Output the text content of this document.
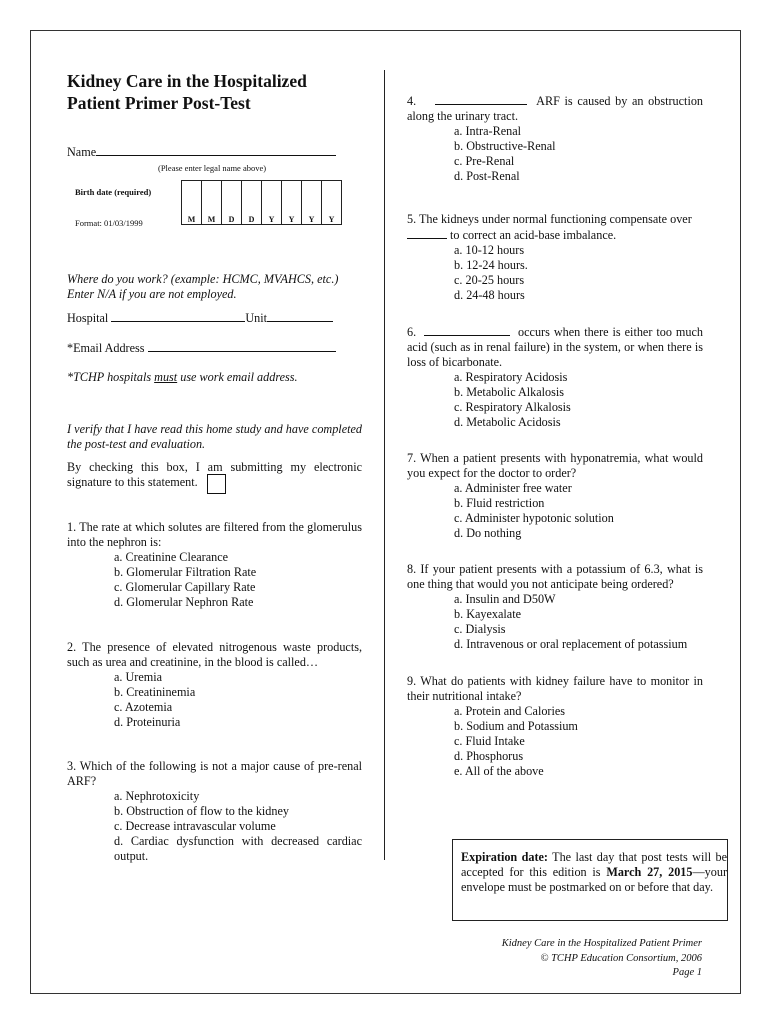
Kidney Care in the Hospitalized
Patient Primer Post-Test
Name
(Please enter legal name above)
Birth date (required)
Format: 01/03/1999	M	M	D	D	Y	Y	Y	Y
Where do you work? (example: HCMC, MVAHCS, etc.)
Enter N/A if you are not employed.
Hospital	Unit
*Email Address
*TCHP hospitals must use work email address.
I verify that I have read this home study and have completed the post-test and evaluation.
By checking this box, I am submitting my electronic signature to this statement.
1. The rate at which solutes are filtered from the glomerulus into the nephron is:
a. Creatinine Clearance
b. Glomerular Filtration Rate
c. Glomerular Capillary Rate
d. Glomerular Nephron Rate
2. The presence of elevated nitrogenous waste products, such as urea and creatinine, in the blood is called…
a. Uremia
b. Creatininemia
c. Azotemia
d. Proteinuria
3. Which of the following is not a major cause of pre-renal ARF?
a. Nephrotoxicity
b. Obstruction of flow to the kidney
c. Decrease intravascular volume
d. Cardiac dysfunction with decreased cardiac output.
4.	ARF is caused by an obstruction along the urinary tract.
a. Intra-Renal
b. Obstructive-Renal
c. Pre-Renal
d. Post-Renal
5. The kidneys under normal functioning compensate over
to correct an acid-base imbalance.
a. 10-12 hours
b. 12-24 hours.
c. 20-25 hours
d. 24-48 hours
6.	occurs when there is either too much acid (such as in renal failure) in the system, or when there is loss of bicarbonate.
a. Respiratory Acidosis
b. Metabolic Alkalosis
c. Respiratory Alkalosis
d. Metabolic Acidosis
7. When a patient presents with hyponatremia, what would you expect for the doctor to order?
a. Administer free water
b. Fluid restriction
c. Administer hypotonic solution
d. Do nothing
8. If your patient presents with a potassium of 6.3, what is one thing that would you not anticipate being ordered?
a. Insulin and D50W
b. Kayexalate
c. Dialysis
d. Intravenous or oral replacement of potassium
9. What do patients with kidney failure have to monitor in their nutritional intake?
a. Protein and Calories
b. Sodium and Potassium
c. Fluid Intake
d. Phosphorus
e. All of the above
Expiration date: The last day that post tests will be accepted for this edition is March 27, 2015—your envelope must be postmarked on or before that day.
Kidney Care in the Hospitalized Patient Primer
© TCHP Education Consortium, 2006
Page 1
